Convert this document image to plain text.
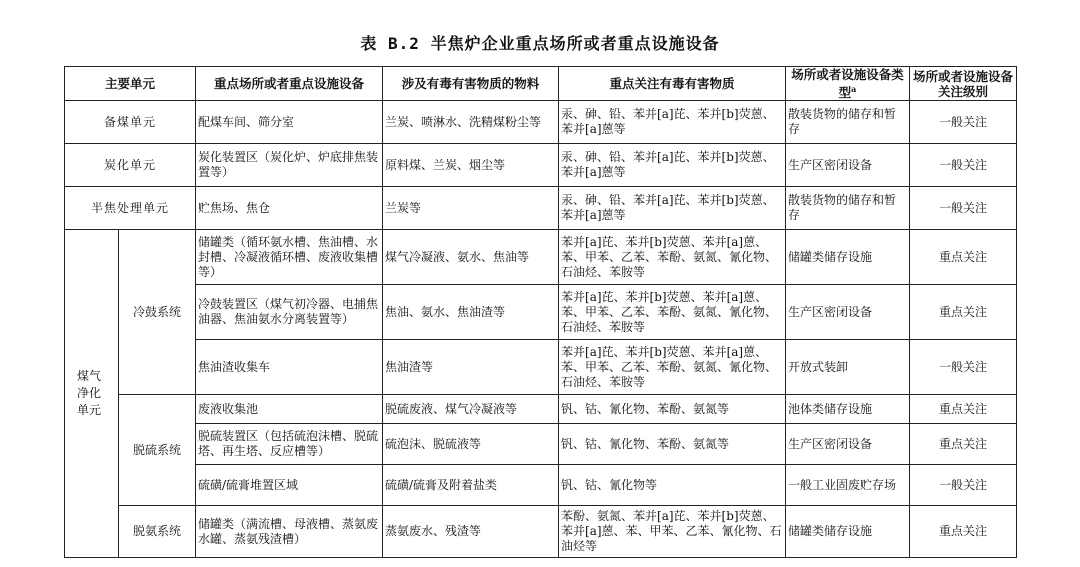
表 B.2 半焦炉企业重点场所或者重点设施设备
主要单元		重点场所或者重点设施设备	涉及有毒有害物质的物料	重点关注有毒有害物质	场所或者设施设备类型$^a$	场所或者设施设备关注级别
备煤单元		配煤车间、筛分室	兰炭、喷淋水、洗精煤粉尘等	汞、砷、铅、苯并[a]芘、苯并[b]荧蒽、苯并[a]蒽等	散装货物的储存和暂存	一般关注
炭化单元		炭化装置区（炭化炉、炉底排焦装置等）	原料煤、兰炭、烟尘等	汞、砷、铅、苯并[a]芘、苯并[b]荧蒽、苯并[a]蒽等	生产区密闭设备	一般关注
半焦处理单元		贮焦场、焦仓	兰炭等	汞、砷、铅、苯并[a]芘、苯并[b]荧蒽、苯并[a]蒽等	散装货物的储存和暂存	一般关注

煤气净化单元	冷鼓系统	储罐类（循环氨水槽、焦油槽、水封槽、冷凝液循环槽、废液收集槽等）	煤气冷凝液、氨水、焦油等	苯并[a]芘、苯并[b]荧蒽、苯并[a]蒽、苯、甲苯、乙苯、苯酚、氨氮、氰化物、石油烃、苯胺等	储罐类储存设施	重点关注
		冷鼓装置区（煤气初冷器、电捕焦油器、焦油氨水分离装置等）	焦油、氨水、焦油渣等	苯并[a]芘、苯并[b]荧蒽、苯并[a]蒽、苯、甲苯、乙苯、苯酚、氨氮、氰化物、石油烃、苯胺等	生产区密闭设备	重点关注
		焦油渣收集车	焦油渣等	苯并[a]芘、苯并[b]荧蒽、苯并[a]蒽、苯、甲苯、乙苯、苯酚、氨氮、氰化物、石油烃、苯胺等	开放式装卸	一般关注
	脱硫系统	废液收集池	脱硫废液、煤气冷凝液等	钒、钴、氰化物、苯酚、氨氮等	池体类储存设施	重点关注
		脱硫装置区（包括硫泡沫槽、脱硫塔、再生塔、反应槽等）	硫泡沫、脱硫液等	钒、钴、氰化物、苯酚、氨氮等	生产区密闭设备	重点关注
		硫磺/硫膏堆置区域	硫磺/硫膏及附着盐类	钒、钴、氰化物等	一般工业固废贮存场	一般关注
	脱氨系统	储罐类（满流槽、母液槽、蒸氨废水罐、蒸氨残渣槽）	蒸氨废水、残渣等	苯酚、氨氮、苯并[a]芘、苯并[b]荧蒽、苯并[a]蒽、苯、甲苯、乙苯、氰化物、石油烃等	储罐类储存设施	重点关注
